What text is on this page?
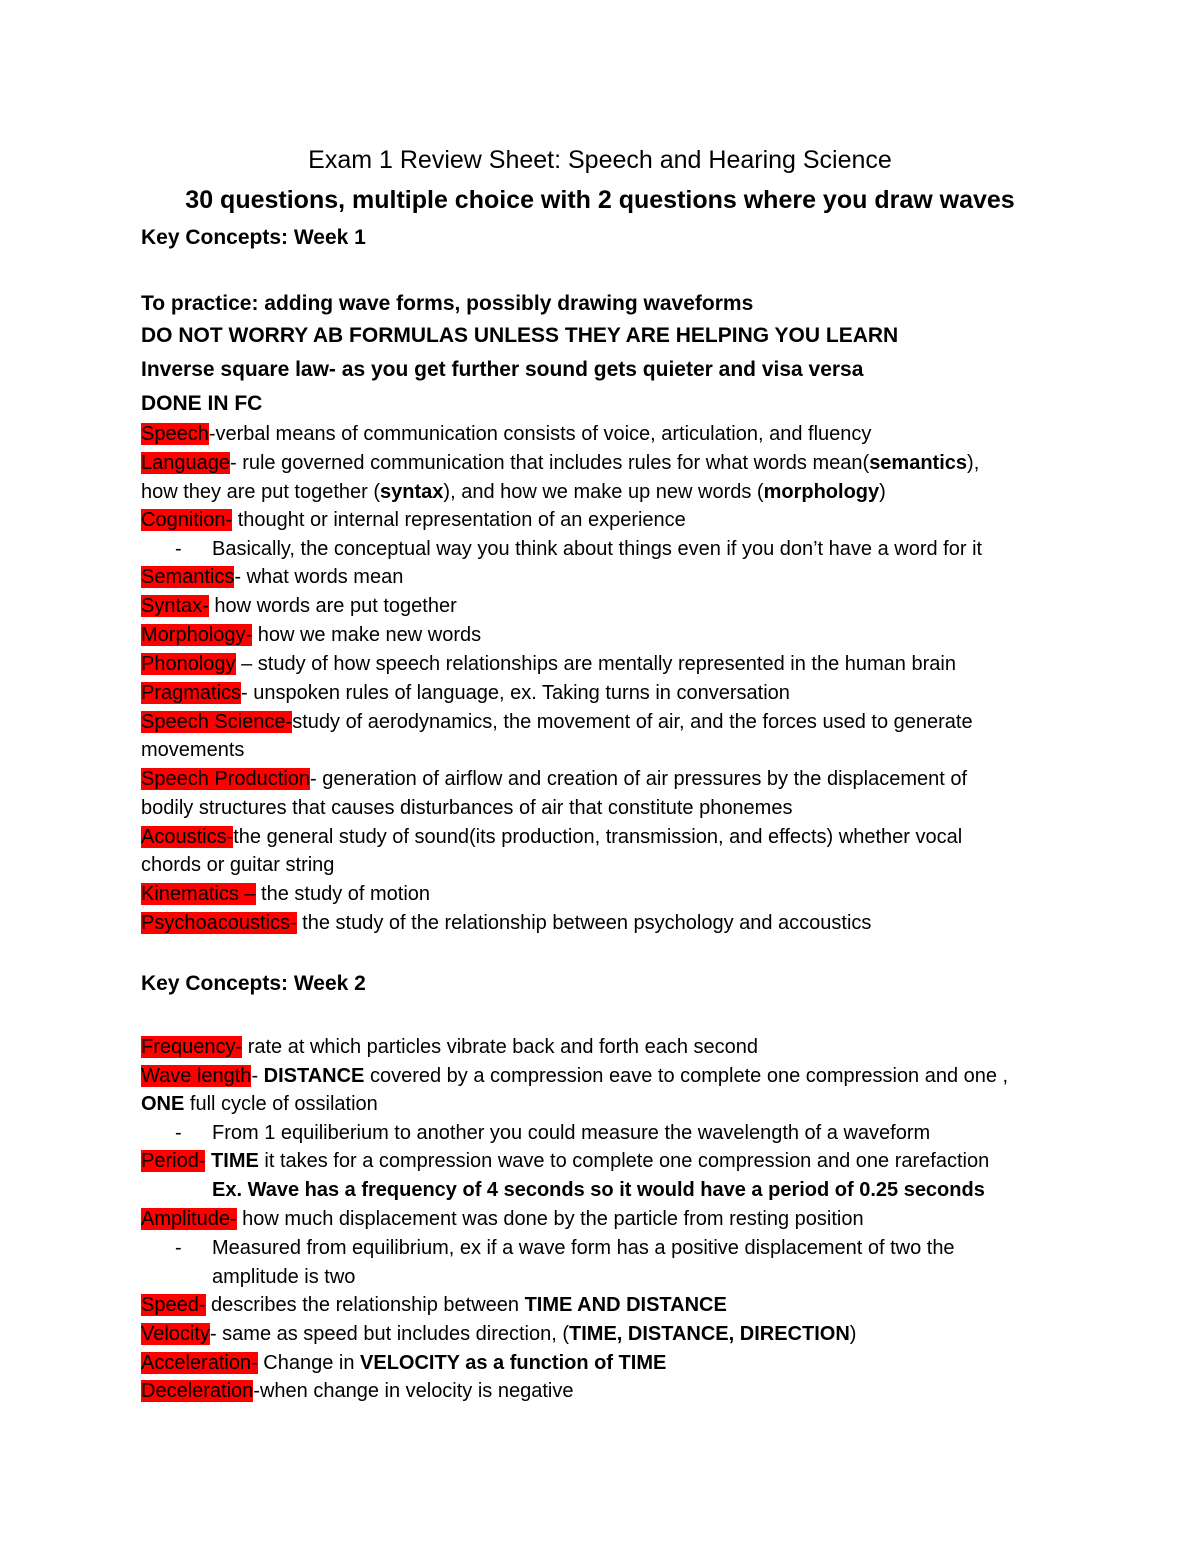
Exam 1 Review Sheet: Speech and Hearing Science
30 questions, multiple choice with 2 questions where you draw waves
Key Concepts: Week 1
To practice: adding wave forms, possibly drawing waveforms
DO NOT WORRY AB FORMULAS UNLESS THEY ARE HELPING YOU LEARN
Inverse square law- as you get further sound gets quieter and visa versa
DONE IN FC
Speech-verbal means of communication consists of voice, articulation, and fluency
Language- rule governed communication that includes rules for what words mean(semantics),
how they are put together (syntax), and how we make up new words (morphology)
Cognition- thought or internal representation of an experience
- Basically, the conceptual way you think about things even if you don’t have a word for it
Semantics- what words mean
Syntax- how words are put together
Morphology- how we make new words
Phonology – study of how speech relationships are mentally represented in the human brain
Pragmatics- unspoken rules of language, ex. Taking turns in conversation
Speech Science-study of aerodynamics, the movement of air, and the forces used to generate
movements
Speech Production- generation of airflow and creation of air pressures by the displacement of
bodily structures that causes disturbances of air that constitute phonemes
Acoustics-the general study of sound(its production, transmission, and effects) whether vocal
chords or guitar string
Kinematics – the study of motion
Psychoacoustics- the study of the relationship between psychology and accoustics
Key Concepts: Week 2
Frequency- rate at which particles vibrate back and forth each second
Wave length- DISTANCE covered by a compression eave to complete one compression and one ,
ONE full cycle of ossilation
- From 1 equiliberium to another you could measure the wavelength of a waveform
Period- TIME it takes for a compression wave to complete one compression and one rarefaction
Ex. Wave has a frequency of 4 seconds so it would have a period of 0.25 seconds
Amplitude- how much displacement was done by the particle from resting position
- Measured from equilibrium, ex if a wave form has a positive displacement of two the
amplitude is two
Speed- describes the relationship between TIME AND DISTANCE
Velocity- same as speed but includes direction, (TIME, DISTANCE, DIRECTION)
Acceleration- Change in VELOCITY as a function of TIME
Deceleration-when change in velocity is negative
